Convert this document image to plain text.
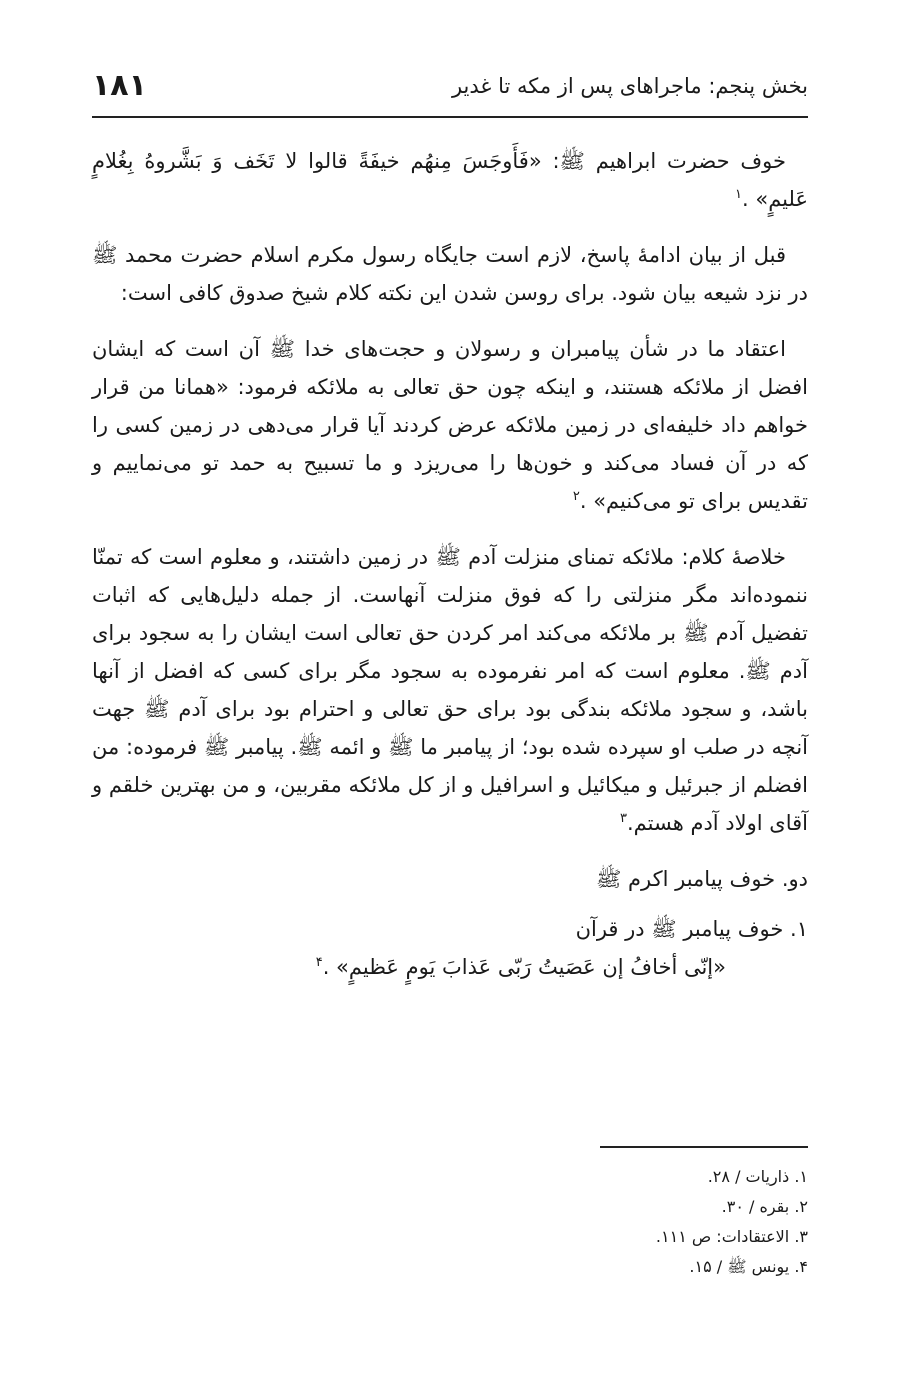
بخش پنجم: ماجراهای پس از مکه تا غدیر
۱۸۱

خوف حضرت ابراهیم ﷺ: «فَأَوجَسَ مِنهُم خیفَةً قالوا لا تَخَف وَ بَشَّروهُ بِغُلامٍ عَلیمٍ» .$^۱$

قبل از بیان ادامهٔ پاسخ، لازم است جایگاه رسول مکرم اسلام حضرت محمد ﷺ در نزد شیعه بیان شود. برای روسن شدن این نکته کلام شیخ صدوق کافی است:

اعتقاد ما در شأن پیامبران و رسولان و حجت‌های خدا ﷺ آن است که ایشان افضل از ملائکه هستند، و اینکه چون حق تعالی به ملائکه فرمود: «همانا من قرار خواهم داد خلیفه‌ای در زمین ملائکه عرض کردند آیا قرار می‌دهی در زمین کسی را که در آن فساد می‌کند و خون‌ها را می‌ریزد و ما تسبیح به حمد تو می‌نماییم و تقدیس برای تو می‌کنیم» .$^۲$

خلاصهٔ کلام: ملائکه تمنای منزلت آدم ﷺ در زمین داشتند، و معلوم است که تمنّا ننموده‌اند مگر منزلتی را که فوق منزلت آنهاست. از جمله دلیل‌هایی که اثبات تفضیل آدم ﷺ بر ملائکه می‌کند امر کردن حق تعالی است ایشان را به سجود برای آدم ﷺ. معلوم است که امر نفرموده به سجود مگر برای کسی که افضل از آنها باشد، و سجود ملائکه بندگی بود برای حق تعالی و احترام بود برای آدم ﷺ جهت آنچه در صلب او سپرده شده بود؛ از پیامبر ما ﷺ و ائمه ﷺ. پیامبر ﷺ فرموده: من افضلم از جبرئیل و میکائیل و اسرافیل و از کل ملائکه مقربین، و من بهترین خلقم و آقای اولاد آدم هستم.$^۳$

دو. خوف پیامبر اکرم ﷺ

۱. خوف پیامبر ﷺ در قرآن

«إنّی أخافُ إن عَصَیتُ رَبّی عَذابَ یَومٍ عَظیمٍ» .$^۴$

۱. ذاریات / ۲۸.
۲. بقره / ۳۰.
۳. الاعتقادات: ص ۱۱۱.
۴. یونس ﷺ / ۱۵.
